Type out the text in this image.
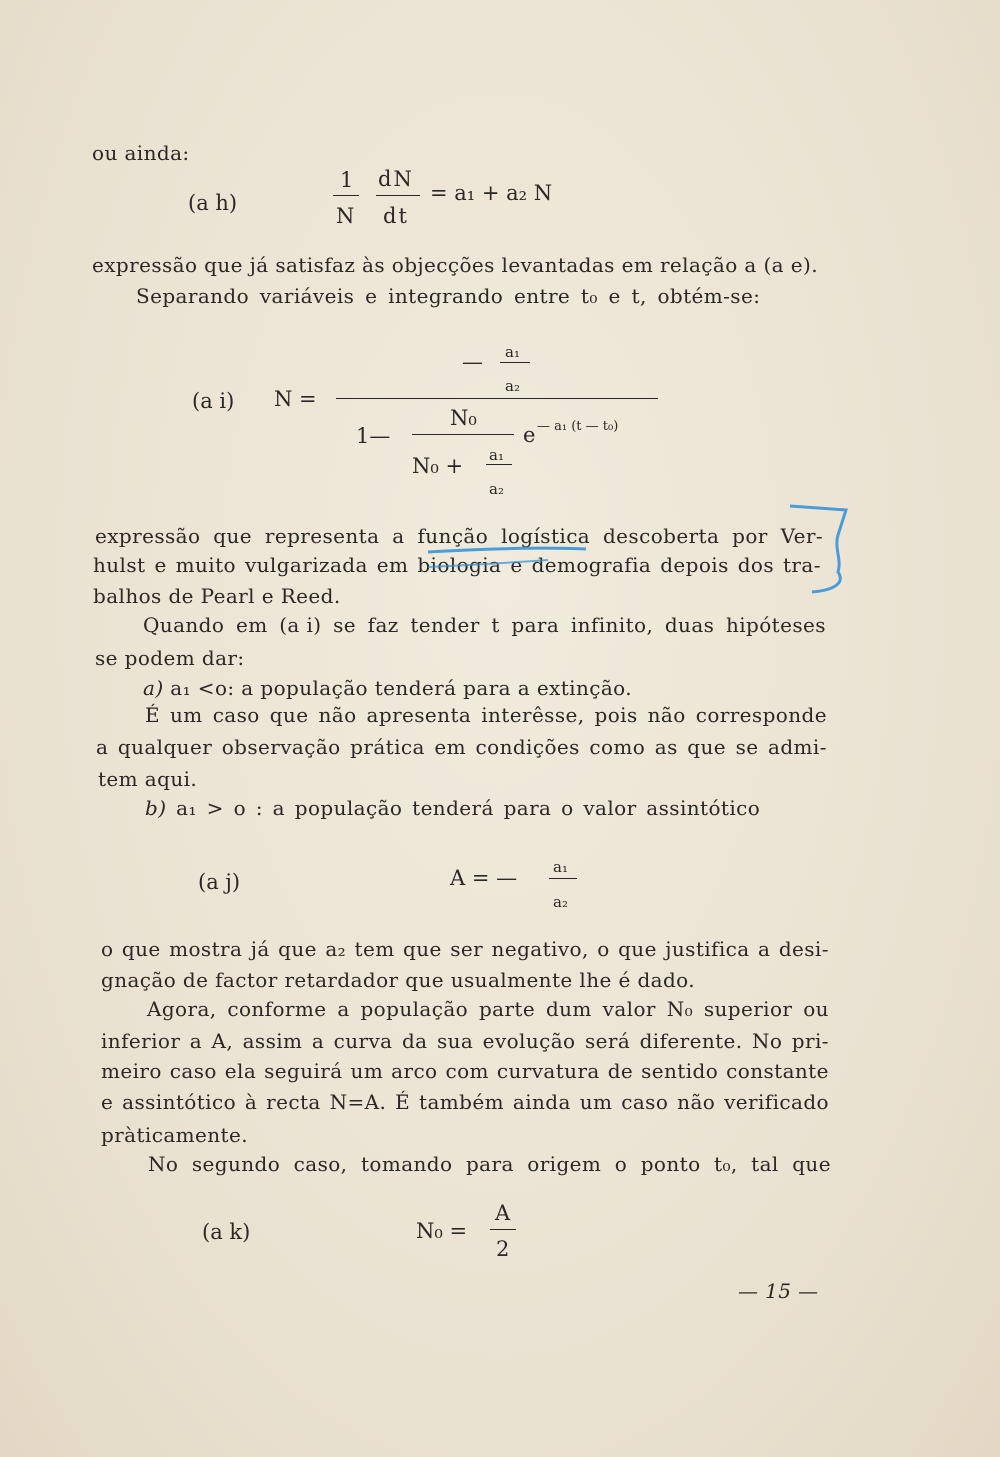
ou ainda:
(a h)
1
N
dN
dt
= a₁ + a₂ N
expressão que já satisfaz às objecções levantadas em relação a (a e).
Separando variáveis e integrando entre t₀ e t, obtém-se:
(a i) N =
— a₁
a₂
1—
N₀
N₀ + a₁
a₂
e — a₁ (t — t₀)
expressão que representa a função logística descoberta por Ver-
hulst e muito vulgarizada em biologia e demografia depois dos tra-
balhos de Pearl e Reed.
Quando em (a i) se faz tender t para infinito, duas hipóteses
se podem dar:
a) a₁ <o: a população tenderá para a extinção.
É um caso que não apresenta interêsse, pois não corresponde
a qualquer observação prática em condições como as que se admi-
tem aqui.
b) a₁ > o : a população tenderá para o valor assintótico
(a j)	A = — a₁
a₂
o que mostra já que a₂ tem que ser negativo, o que justifica a desi-
gnação de factor retardador que usualmente lhe é dado.
Agora, conforme a população parte dum valor N₀ superior ou
inferior a A, assim a curva da sua evolução será diferente. No pri-
meiro caso ela seguirá um arco com curvatura de sentido constante
e assintótico à recta N=A. É também ainda um caso não verificado
pràticamente.
No segundo caso, tomando para origem o ponto t₀, tal que
(a k)	N₀ =
A
2
— 15 —
